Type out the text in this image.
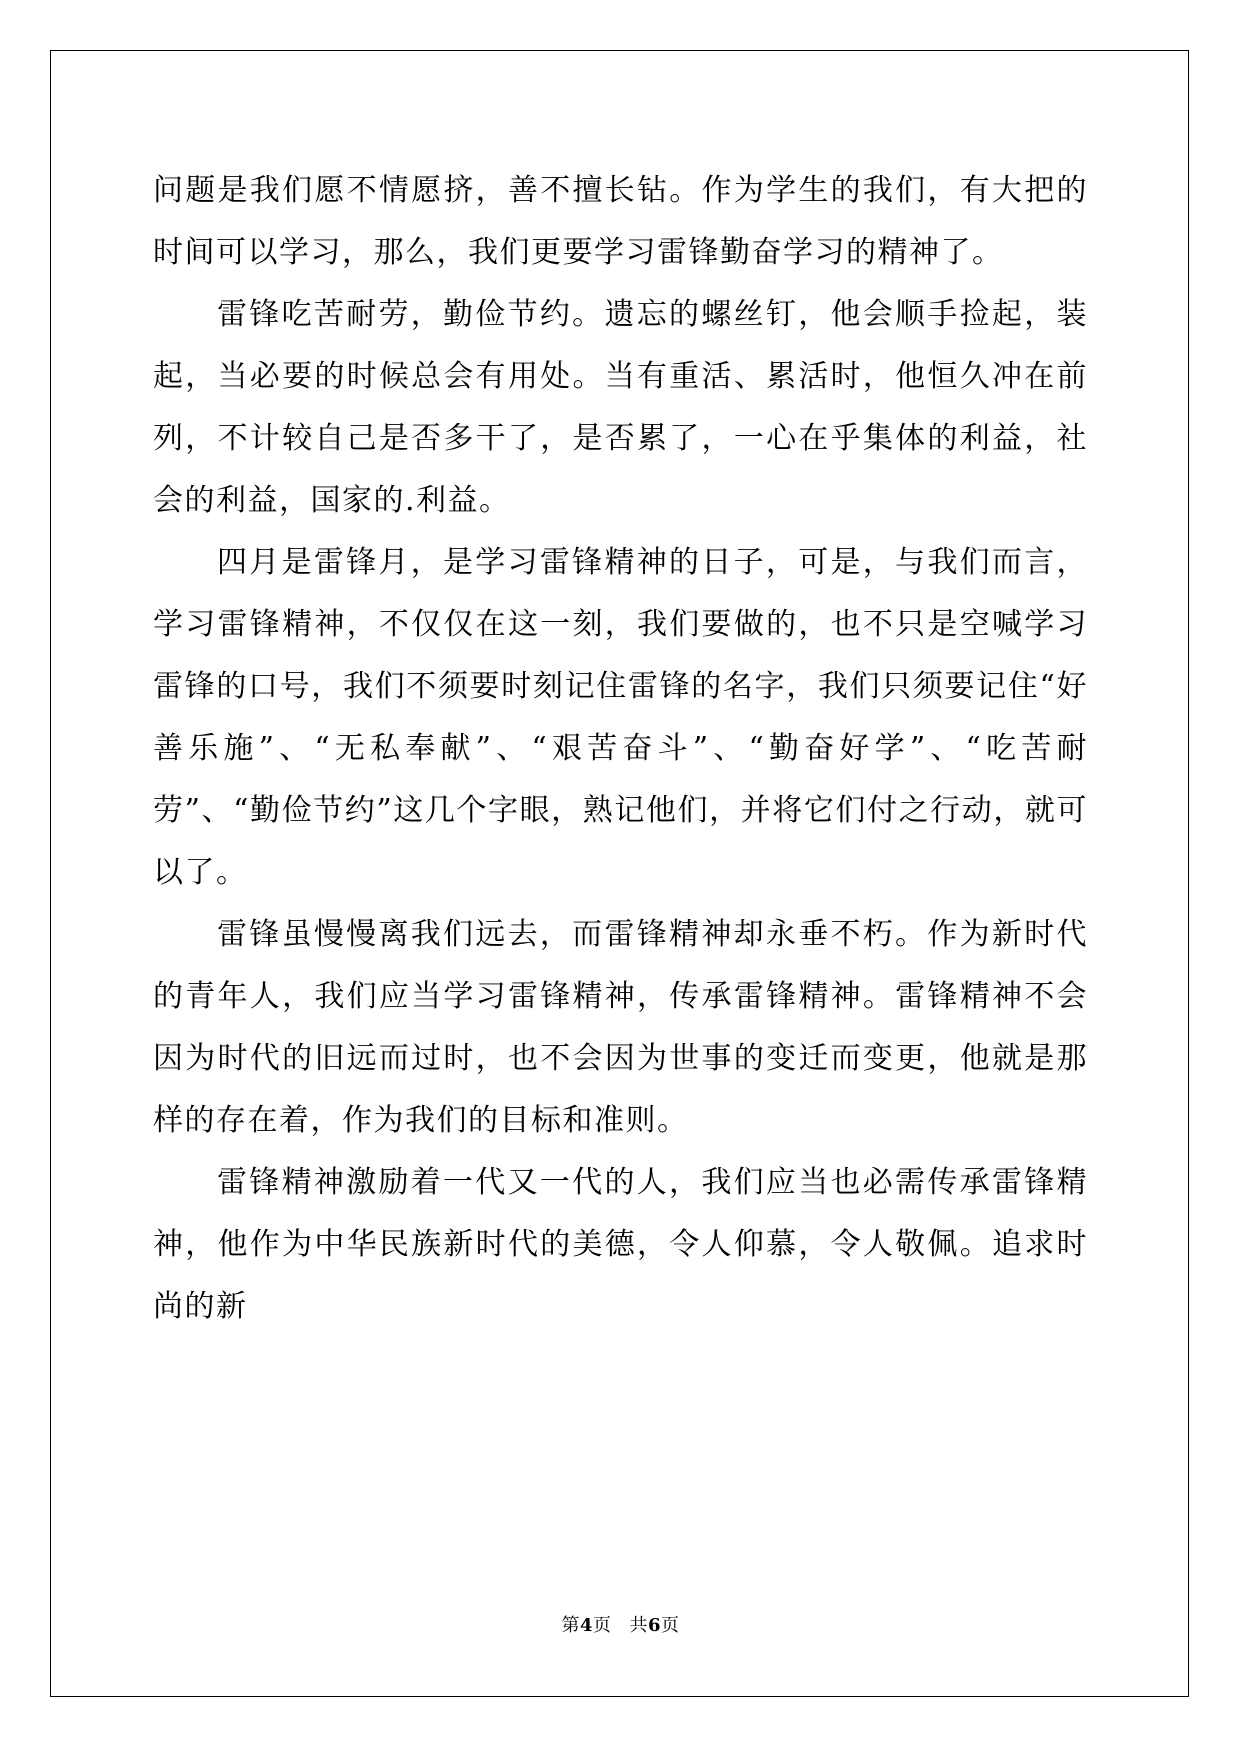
问题是我们愿不情愿挤，善不擅长钻。作为学生的我们，有大把的时间可以学习，那么，我们更要学习雷锋勤奋学习的精神了。

雷锋吃苦耐劳，勤俭节约。遗忘的螺丝钉，他会顺手捡起，装起，当必要的时候总会有用处。当有重活、累活时，他恒久冲在前列，不计较自己是否多干了，是否累了，一心在乎集体的利益，社会的利益，国家的.利益。

四月是雷锋月，是学习雷锋精神的日子，可是，与我们而言，学习雷锋精神，不仅仅在这一刻，我们要做的，也不只是空喊学习雷锋的口号，我们不须要时刻记住雷锋的名字，我们只须要记住“好善乐施”、“无私奉献”、“艰苦奋斗”、“勤奋好学”、“吃苦耐劳”、“勤俭节约”这几个字眼，熟记他们，并将它们付之行动，就可以了。

雷锋虽慢慢离我们远去，而雷锋精神却永垂不朽。作为新时代的青年人，我们应当学习雷锋精神，传承雷锋精神。雷锋精神不会因为时代的旧远而过时，也不会因为世事的变迁而变更，他就是那样的存在着，作为我们的目标和准则。

雷锋精神激励着一代又一代的人，我们应当也必需传承雷锋精神，他作为中华民族新时代的美德，令人仰慕，令人敬佩。追求时尚的新

第4页 共6页
